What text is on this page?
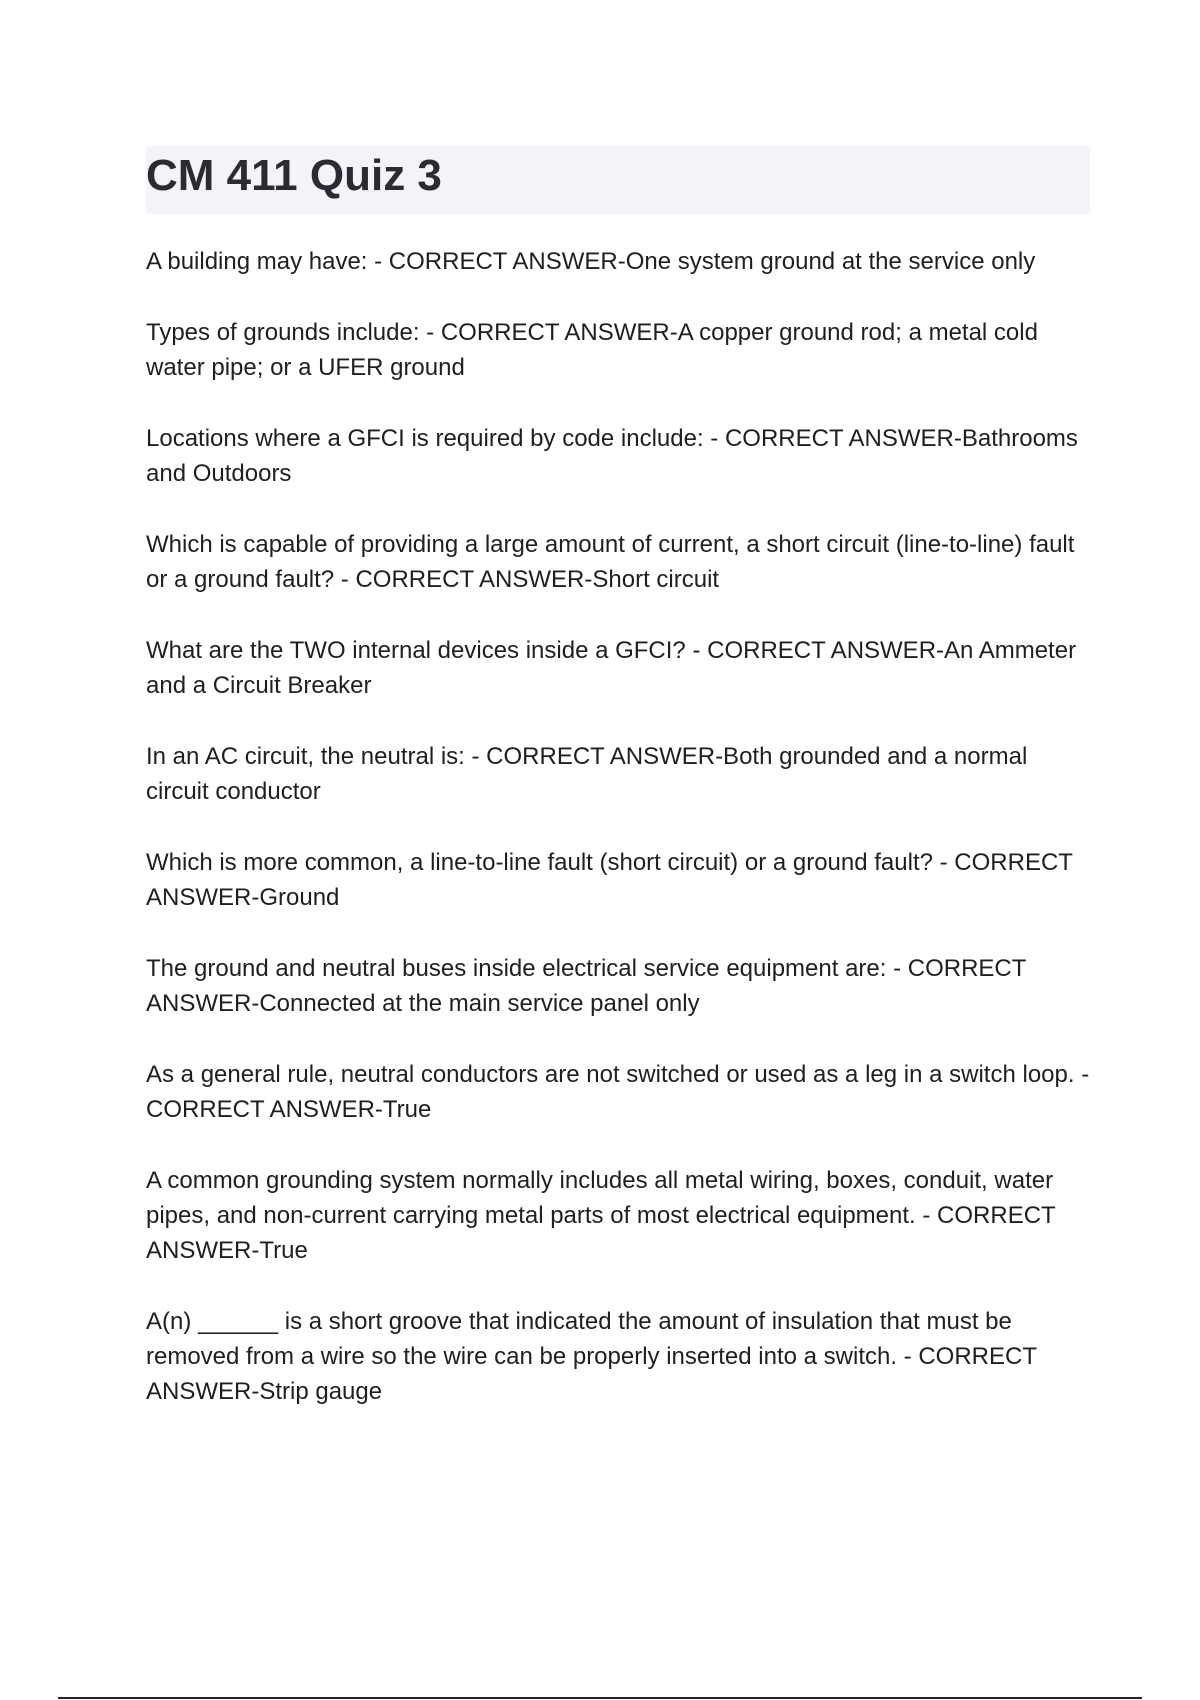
CM 411 Quiz 3

A building may have: - CORRECT ANSWER-One system ground at the service only

Types of grounds include: - CORRECT ANSWER-A copper ground rod; a metal cold water pipe; or a UFER ground

Locations where a GFCI is required by code include: - CORRECT ANSWER-Bathrooms and Outdoors

Which is capable of providing a large amount of current, a short circuit (line-to-line) fault or a ground fault? - CORRECT ANSWER-Short circuit

What are the TWO internal devices inside a GFCI? - CORRECT ANSWER-An Ammeter and a Circuit Breaker

In an AC circuit, the neutral is: - CORRECT ANSWER-Both grounded and a normal circuit conductor

Which is more common, a line-to-line fault (short circuit) or a ground fault? - CORRECT ANSWER-Ground

The ground and neutral buses inside electrical service equipment are: - CORRECT ANSWER-Connected at the main service panel only

As a general rule, neutral conductors are not switched or used as a leg in a switch loop. - CORRECT ANSWER-True

A common grounding system normally includes all metal wiring, boxes, conduit, water pipes, and non-current carrying metal parts of most electrical equipment. - CORRECT ANSWER-True

A(n) ______ is a short groove that indicated the amount of insulation that must be removed from a wire so the wire can be properly inserted into a switch. - CORRECT ANSWER-Strip gauge
